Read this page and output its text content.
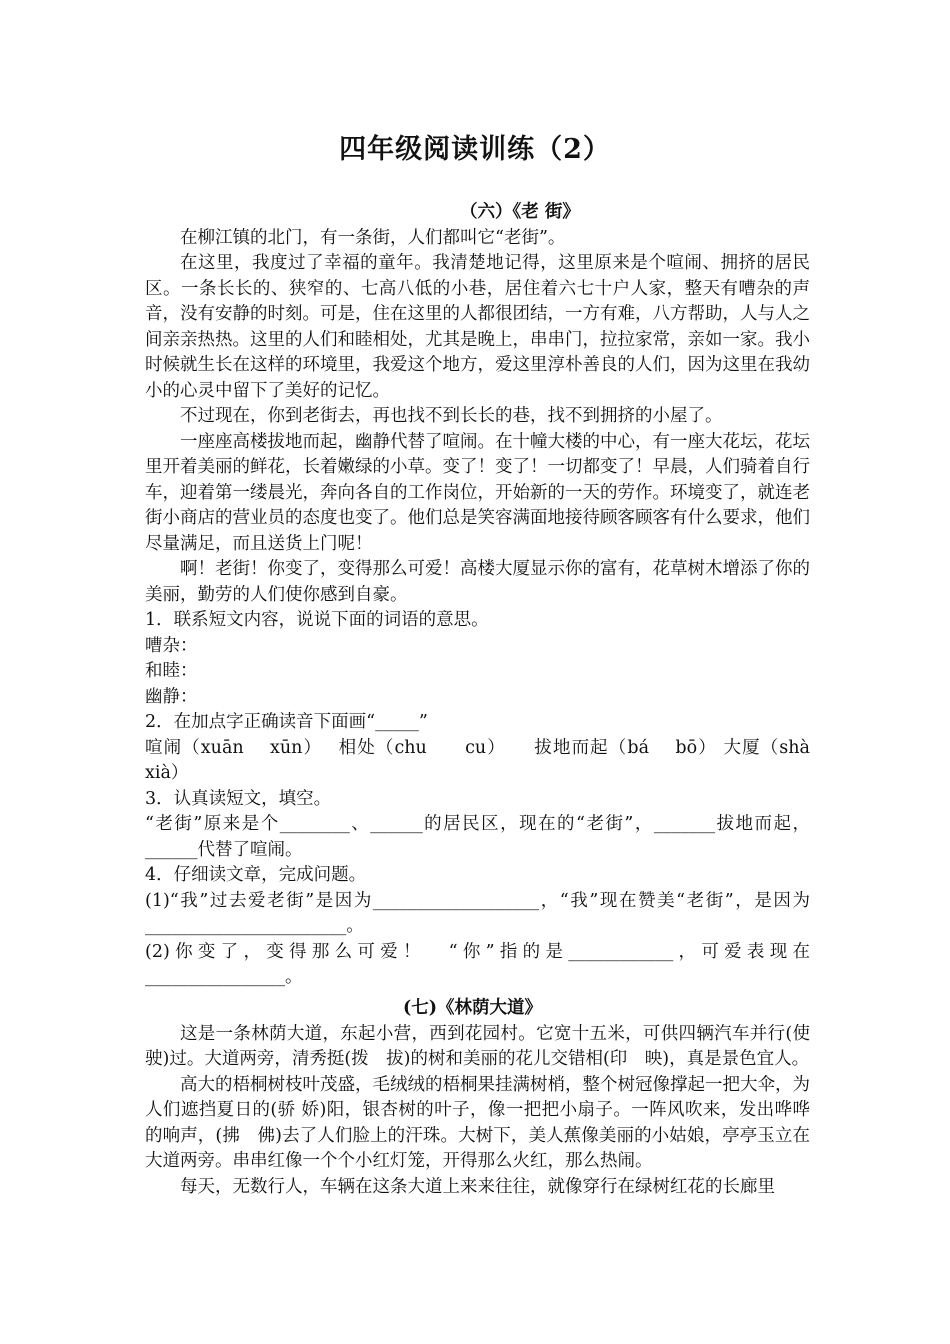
四年级阅读训练（2）

（六）《老 街》

在柳江镇的北门，有一条街，人们都叫它“老街”。

在这里，我度过了幸福的童年。我清楚地记得，这里原来是个喧闹、拥挤的居民区。一条长长的、狭窄的、七高八低的小巷，居住着六七十户人家，整天有嘈杂的声音，没有安静的时刻。可是，住在这里的人都很团结，一方有难，八方帮助，人与人之间亲亲热热。这里的人们和睦相处，尤其是晚上，串串门，拉拉家常，亲如一家。我小时候就生长在这样的环境里，我爱这个地方，爱这里淳朴善良的人们，因为这里在我幼小的心灵中留下了美好的记忆。

不过现在，你到老街去，再也找不到长长的巷，找不到拥挤的小屋了。

一座座高楼拔地而起，幽静代替了喧闹。在十幢大楼的中心，有一座大花坛，花坛里开着美丽的鲜花，长着嫩绿的小草。变了！变了！一切都变了！早晨，人们骑着自行车，迎着第一缕晨光，奔向各自的工作岗位，开始新的一天的劳作。环境变了，就连老街小商店的营业员的态度也变了。他们总是笑容满面地接待顾客顾客有什么要求，他们尽量满足，而且送货上门呢！

啊！老街！你变了，变得那么可爱！高楼大厦显示你的富有，花草树木增添了你的美丽，勤劳的人们使你感到自豪。

1．联系短文内容，说说下面的词语的意思。

嘈杂：

和睦：

幽静：

2．在加点字正确读音下面画“_____”

喧闹（xuān　 xūn）　 相处（chu　　cu）　　拔地而起（bá　 bō） 大厦（shà　xià）

3．认真读短文，填空。

“老街”原来是个________、______的居民区，现在的“老街”，_______拔地而起，______代替了喧闹。

4．仔细读文章，完成问题。

(1)“我”过去爱老街”是因为___________________，“我”现在赞美“老街”，是因为_______________________。

(2)你变了，变得那么可爱！　“你”指的是____________，可爱表现在________________。

(七)《林荫大道》

这是一条林荫大道，东起小营，西到花园村。它宽十五米，可供四辆汽车并行(使　驶)过。大道两旁，清秀挺(拨　拔)的树和美丽的花儿交错相(印　映)，真是景色宜人。

高大的梧桐树枝叶茂盛，毛绒绒的梧桐果挂满树梢，整个树冠像撑起一把大伞，为人们遮挡夏日的(骄 娇)阳，银杏树的叶子，像一把把小扇子。一阵风吹来，发出哗哗的响声，(拂　佛)去了人们脸上的汗珠。大树下，美人蕉像美丽的小姑娘，亭亭玉立在大道两旁。串串红像一个个小红灯笼，开得那么火红，那么热闹。

每天，无数行人，车辆在这条大道上来来往往，就像穿行在绿树红花的长廊里
